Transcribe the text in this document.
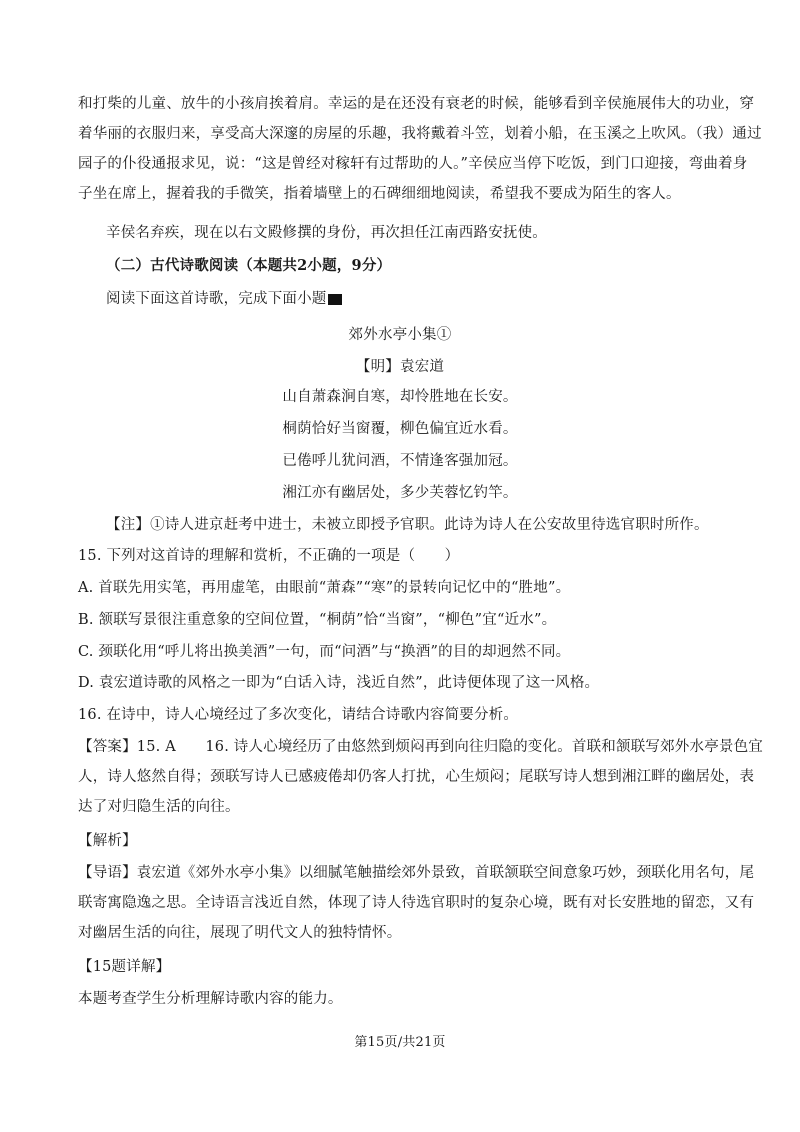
和打柴的儿童、放牛的小孩肩挨着肩。幸运的是在还没有衰老的时候，能够看到辛侯施展伟大的功业，穿
着华丽的衣服归来，享受高大深邃的房屋的乐趣，我将戴着斗笠，划着小船，在玉溪之上吹风。（我）通过
园子的仆役通报求见，说：“这是曾经对稼轩有过帮助的人。”辛侯应当停下吃饭，到门口迎接，弯曲着身
子坐在席上，握着我的手微笑，指着墙壁上的石碑细细地阅读，希望我不要成为陌生的客人。
辛侯名弃疾，现在以右文殿修撰的身份，再次担任江南西路安抚使。
（二）古代诗歌阅读（本题共2小题，9分）
阅读下面这首诗歌，完成下面小题
郊外水亭小集①
【明】袁宏道
山自萧森涧自寒，却怜胜地在长安。
桐荫恰好当窗覆，柳色偏宜近水看。
已倦呼儿犹问酒，不情逢客强加冠。
湘江亦有幽居处，多少芙蓉忆钓竿。
【注】①诗人进京赶考中进士，未被立即授予官职。此诗为诗人在公安故里待选官职时所作。
15. 下列对这首诗的理解和赏析，不正确的一项是（　　）
A. 首联先用实笔，再用虚笔，由眼前“萧森”“寒”的景转向记忆中的“胜地”。
B. 颔联写景很注重意象的空间位置，“桐荫”恰“当窗”，“柳色”宜“近水”。
C. 颈联化用“呼儿将出换美酒”一句，而“问酒”与“换酒”的目的却迥然不同。
D. 袁宏道诗歌的风格之一即为“白话入诗，浅近自然”，此诗便体现了这一风格。
16. 在诗中，诗人心境经过了多次变化，请结合诗歌内容简要分析。
【答案】15. A　　16. 诗人心境经历了由悠然到烦闷再到向往归隐的变化。首联和颔联写郊外水亭景色宜
人，诗人悠然自得；颈联写诗人已感疲倦却仍客人打扰，心生烦闷；尾联写诗人想到湘江畔的幽居处，表
达了对归隐生活的向往。
【解析】
【导语】袁宏道《郊外水亭小集》以细腻笔触描绘郊外景致，首联颔联空间意象巧妙，颈联化用名句，尾
联寄寓隐逸之思。全诗语言浅近自然，体现了诗人待选官职时的复杂心境，既有对长安胜地的留恋，又有
对幽居生活的向往，展现了明代文人的独特情怀。
【15题详解】
本题考查学生分析理解诗歌内容的能力。
第15页/共21页
